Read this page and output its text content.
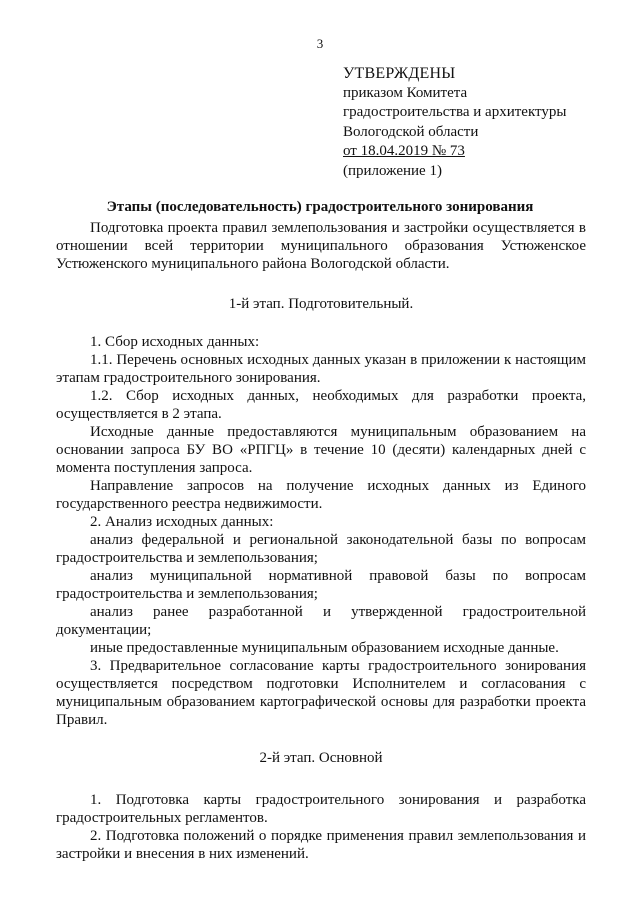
3
УТВЕРЖДЕНЫ
приказом Комитета
градостроительства и архитектуры
Вологодской области
от 18.04.2019 № 73
(приложение 1)
Этапы (последовательность) градостроительного зонирования

Подготовка проекта правил землепользования и застройки осуществляется в отношении всей территории муниципального образования Устюженское Устюженского муниципального района Вологодской области.

1-й этап. Подготовительный.

1. Сбор исходных данных:

1.1. Перечень основных исходных данных указан в приложении к настоящим этапам градостроительного зонирования.

1.2. Сбор исходных данных, необходимых для разработки проекта, осуществляется в 2 этапа.

Исходные данные предоставляются муниципальным образованием на основании запроса БУ ВО «РПГЦ» в течение 10 (десяти) календарных дней с момента поступления запроса.

Направление запросов на получение исходных данных из Единого государственного реестра недвижимости.

2. Анализ исходных данных:

анализ федеральной и региональной законодательной базы по вопросам градостроительства и землепользования;

анализ муниципальной нормативной правовой базы по вопросам градостроительства и землепользования;

анализ ранее разработанной и утвержденной градостроительной документации;

иные предоставленные муниципальным образованием исходные данные.

3. Предварительное согласование карты градостроительного зонирования осуществляется посредством подготовки Исполнителем и согласования с муниципальным образованием картографической основы для разработки проекта Правил.

2-й этап. Основной

1. Подготовка карты градостроительного зонирования и разработка градостроительных регламентов.

2. Подготовка положений о порядке применения правил землепользования и застройки и внесения в них изменений.
